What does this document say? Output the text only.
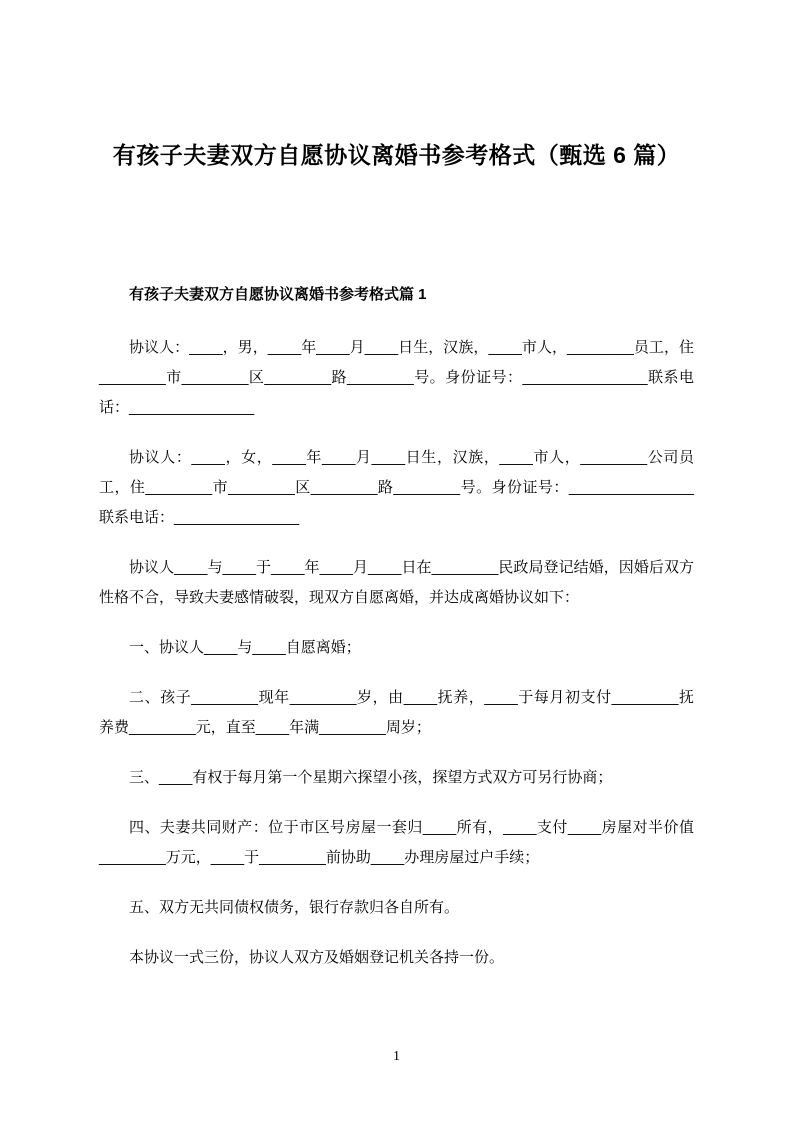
有孩子夫妻双方自愿协议离婚书参考格式（甄选 6 篇）
有孩子夫妻双方自愿协议离婚书参考格式篇 1

协议人：____，男，____年____月____日生，汉族，____市人，________员工，住________市________区________路________号。身份证号：_______________联系电话：_______________

协议人：____，女，____年____月____日生，汉族，____市人，________公司员工，住________市________区________路________号。身份证号：_______________联系电话：_______________

协议人____与____于____年____月____日在________民政局登记结婚，因婚后双方性格不合，导致夫妻感情破裂，现双方自愿离婚，并达成离婚协议如下：

一、协议人____与____自愿离婚；

二、孩子________现年________岁，由____抚养，____于每月初支付________抚养费________元，直至____年满________周岁；

三、____有权于每月第一个星期六探望小孩，探望方式双方可另行协商；

四、夫妻共同财产：位于市区号房屋一套归____所有，____支付____房屋对半价值________万元，____于________前协助____办理房屋过户手续；

五、双方无共同债权债务，银行存款归各自所有。

本协议一式三份，协议人双方及婚姻登记机关各持一份。

1
